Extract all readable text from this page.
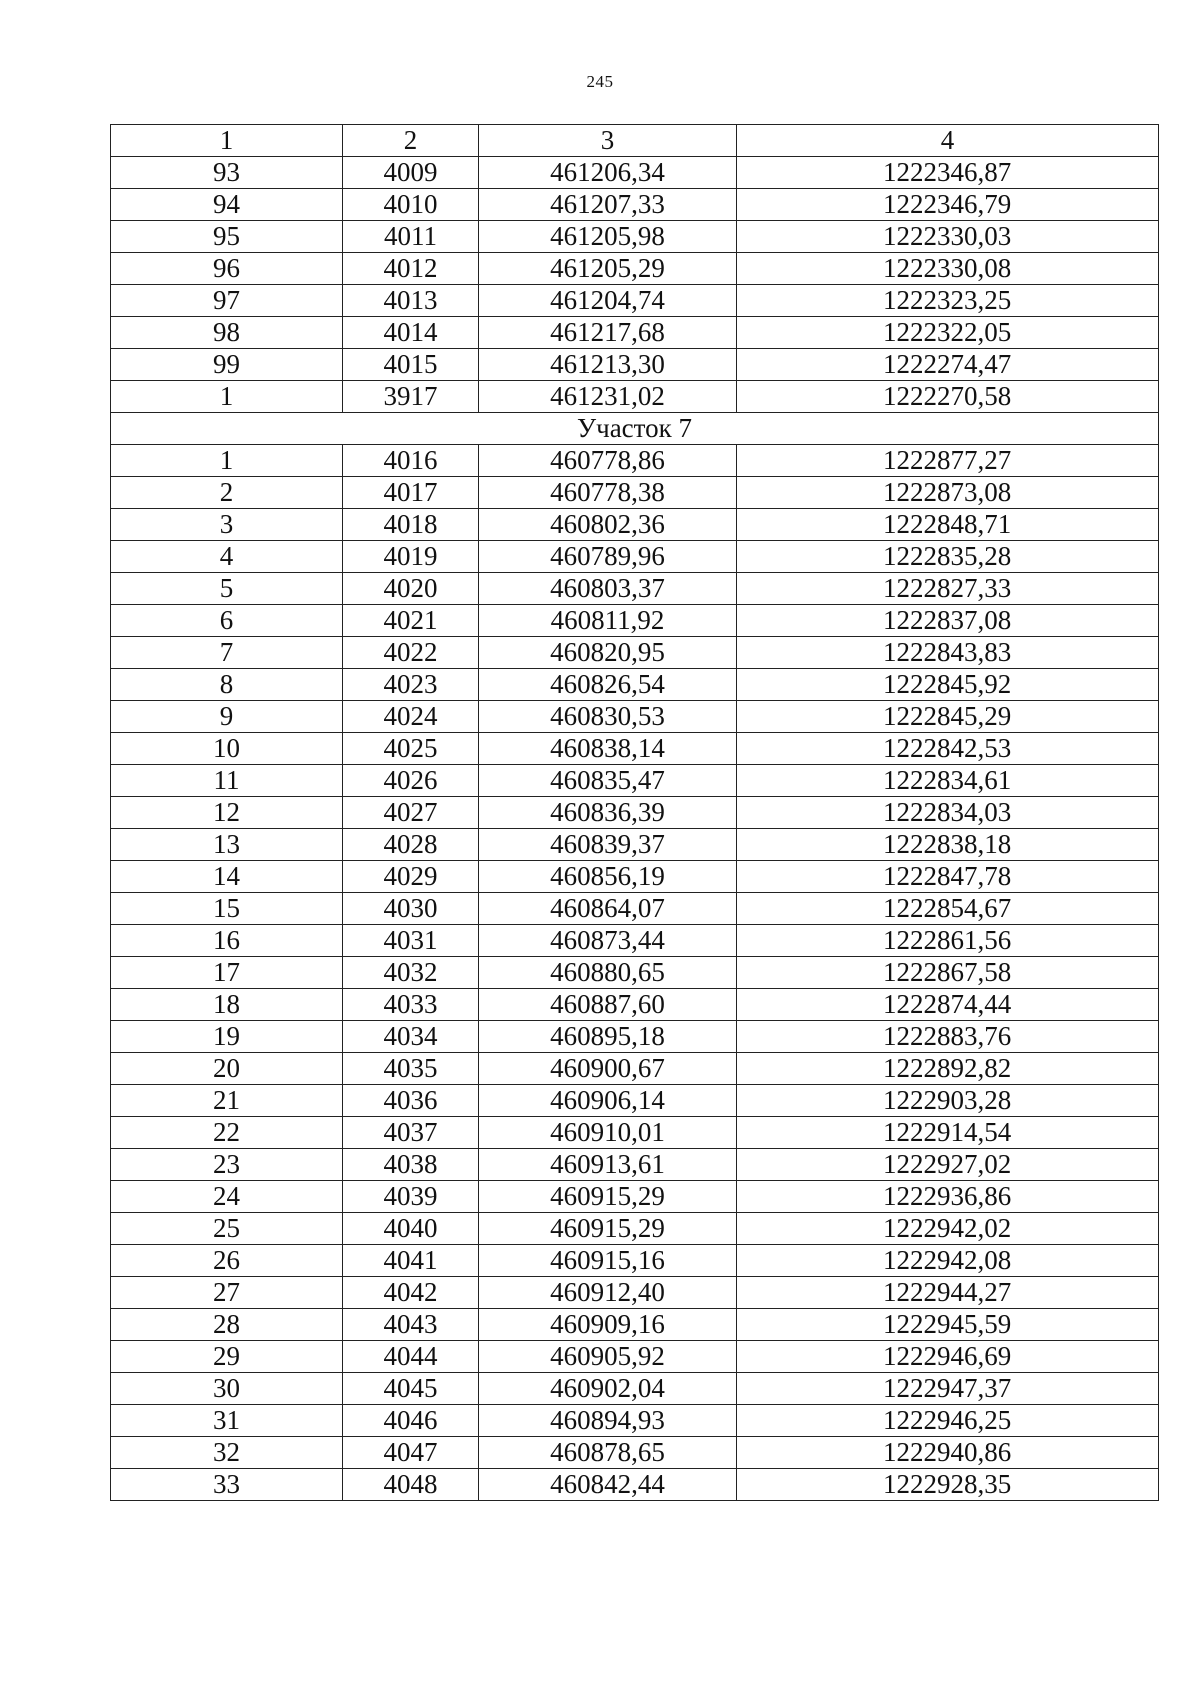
245
1	2	3	4
93	4009	461206,34	1222346,87
94	4010	461207,33	1222346,79
95	4011	461205,98	1222330,03
96	4012	461205,29	1222330,08
97	4013	461204,74	1222323,25
98	4014	461217,68	1222322,05
99	4015	461213,30	1222274,47
1	3917	461231,02	1222270,58
Участок 7			
1	4016	460778,86	1222877,27
2	4017	460778,38	1222873,08
3	4018	460802,36	1222848,71
4	4019	460789,96	1222835,28
5	4020	460803,37	1222827,33
6	4021	460811,92	1222837,08
7	4022	460820,95	1222843,83
8	4023	460826,54	1222845,92
9	4024	460830,53	1222845,29
10	4025	460838,14	1222842,53
11	4026	460835,47	1222834,61
12	4027	460836,39	1222834,03
13	4028	460839,37	1222838,18
14	4029	460856,19	1222847,78
15	4030	460864,07	1222854,67
16	4031	460873,44	1222861,56
17	4032	460880,65	1222867,58
18	4033	460887,60	1222874,44
19	4034	460895,18	1222883,76
20	4035	460900,67	1222892,82
21	4036	460906,14	1222903,28
22	4037	460910,01	1222914,54
23	4038	460913,61	1222927,02
24	4039	460915,29	1222936,86
25	4040	460915,29	1222942,02
26	4041	460915,16	1222942,08
27	4042	460912,40	1222944,27
28	4043	460909,16	1222945,59
29	4044	460905,92	1222946,69
30	4045	460902,04	1222947,37
31	4046	460894,93	1222946,25
32	4047	460878,65	1222940,86
33	4048	460842,44	1222928,35
